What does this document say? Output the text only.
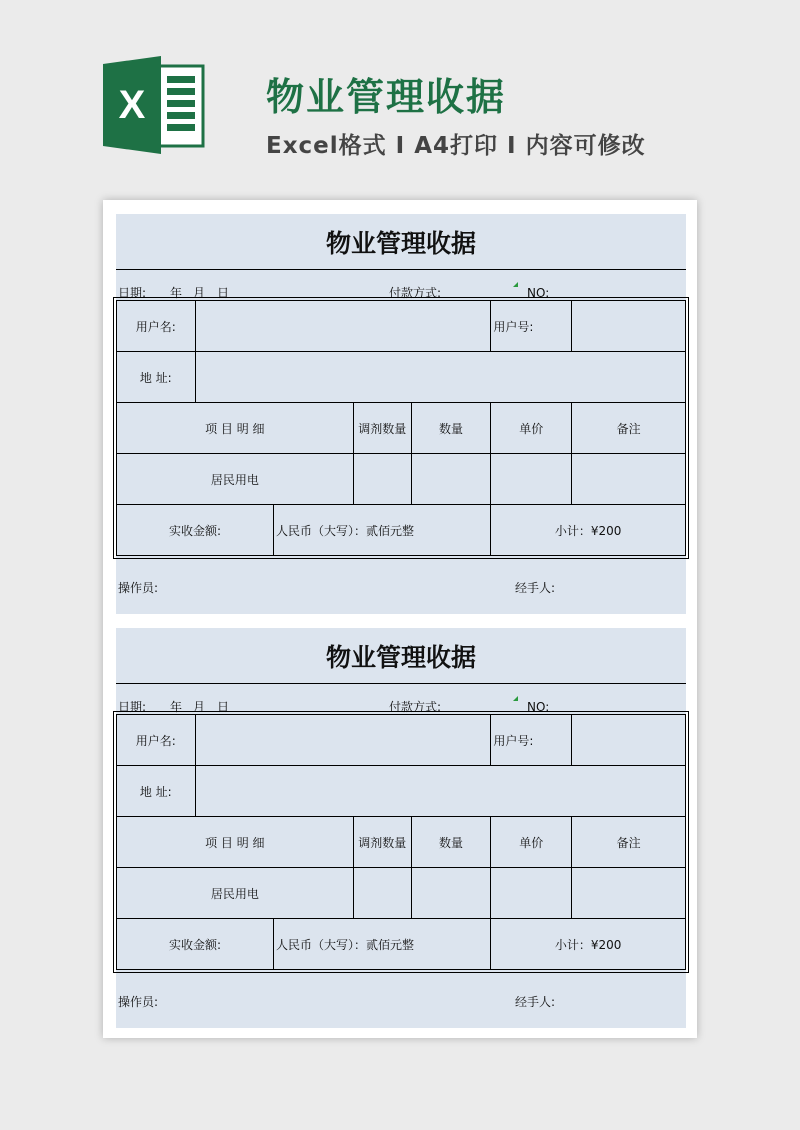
X	物业管理收据
Excel格式 I A4打印 I 内容可修改
物业管理收据
日期: 年 月 日	付款方式:	NO:
用户名:					用户号:	
地 址:						
项 目 明 细			调剂数量	数量	单价	备注
居民用电						
实收金额:		人民币（大写）：贰佰元整			小计：¥200	
操作员:	经手人:
物业管理收据
日期: 年 月 日	付款方式:	NO:
用户名:					用户号:	
地 址:						
项 目 明 细			调剂数量	数量	单价	备注
居民用电						
实收金额:		人民币（大写）：贰佰元整			小计：¥200	
操作员:	经手人:
